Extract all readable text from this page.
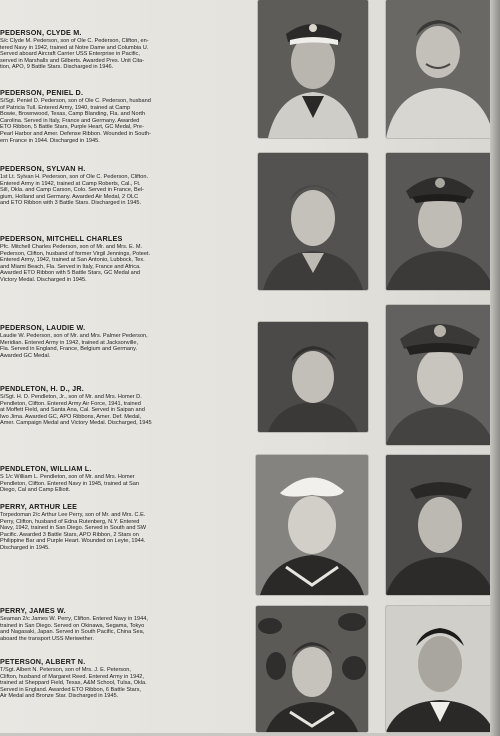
PEDERSON, CLYDE M.
S/c Clyde M. Pederson, son of Ole C. Pederson, Clifton, en-
tered Navy in 1942, trained at Notre Dame and Columbia U.
Served aboard Aircraft Carrier USS Enterprise in Pacific,
served in Marshalls and Gilberts. Awarded Pres. Unit Cita-
tion, APO, 9 Battle Stars. Discharged in 1946.
PEDERSON, PENIEL D.
S/Sgt. Peniel D. Pederson, son of Ole C. Pederson, husband
of Patricia Tull. Entered Army, 1940, trained at Camp
Bowie, Brownwood, Texas, Camp Blanding, Fla. and North
Carolina. Served in Italy, France and Germany. Awarded
ETO Ribbon, 5 Battle Stars, Purple Heart, GC Medal, Pre-
Pearl Harbor and Amer. Defense Ribbon. Wounded in South-
ern France in 1944. Discharged in 1945.
PEDERSON, SYLVAN H.
1st Lt. Sylvan H. Pederson, son of Ole C. Pederson, Clifton.
Entered Army in 1942, trained at Camp Roberts, Cal., Ft.
Sill, Okla. and Camp Carson, Colo. Served in France, Bel-
gium, Holland and Germany. Awarded Air Medal, 2 OLC
and ETO Ribbon with 3 Battle Stars. Discharged in 1945.
PEDERSON, MITCHELL CHARLES
Pfc. Mitchell Charles Pederson, son of Mr. and Mrs. E. M.
Pederson, Clifton, husband of former Virgil Jennings, Poteet.
Entered Army, 1942, trained at San Antonio, Lubbock, Tex.
and Miami Beach, Fla. Served in Italy, France and Africa.
Awarded ETO Ribbon with 5 Battle Stars, GC Medal and
Victory Medal. Discharged in 1945.
PEDERSON, LAUDIE W.
Laudie W. Pederson, son of Mr. and Mrs. Palmer Pederson,
Meridian. Entered Army in 1942, trained at Jacksonville,
Fla. Served in England, France, Belgium and Germany.
Awarded GC Medal.
PENDLETON, H. D., JR.
S/Sgt. H. D. Pendleton, Jr., son of Mr. and Mrs. Homer D.
Pendleton, Clifton. Entered Army Air Force, 1941, trained
at Moffett Field, and Santa Ana, Cal. Served in Saipan and
Iwo Jima. Awarded GC, APO Ribbons, Amer. Def. Medal,
Amer. Campaign Medal and Victory Medal. Discharged, 1945
PENDLETON, WILLIAM L.
S 1/c William L. Pendleton, son of Mr. and Mrs. Homer
Pendleton, Clifton. Entered Navy in 1945, trained at San
Diego, Cal and Camp Elliott.
PERRY, ARTHUR LEE
Torpedoman 2/c Arthur Lee Perry, son of Mr. and Mrs. C.E.
Perry, Clifton, husband of Edna Rutenberg, N.Y. Entered
Navy, 1942, trained in San Diego. Served in South and SW
Pacific. Awarded 3 Battle Stars, APO Ribbon, 2 Stars on
Philippine Bar and Purple Heart. Wounded on Leyte, 1944.
Discharged in 1945.
PERRY, JAMES W.
Seaman 2/c James W. Perry, Clifton. Entered Navy in 1944,
trained in San Diego. Served on Okinawa, Segama, Tokyo
and Nagasaki, Japan. Served in South Pacific, China Sea,
aboard the transport USS Meriwether.
PETERSON, ALBERT N.
T/Sgt. Albert N. Peterson, son of Mrs. J. E. Peterson,
Clifton, husband of Margaret Reed. Entered Army in 1942,
trained at Sheppard Field, Texas, A&M School, Tulsa, Okla.
Served in England. Awarded ETO Ribbon, 6 Battle Stars,
Air Medal and Bronze Star. Discharged in 1945.
